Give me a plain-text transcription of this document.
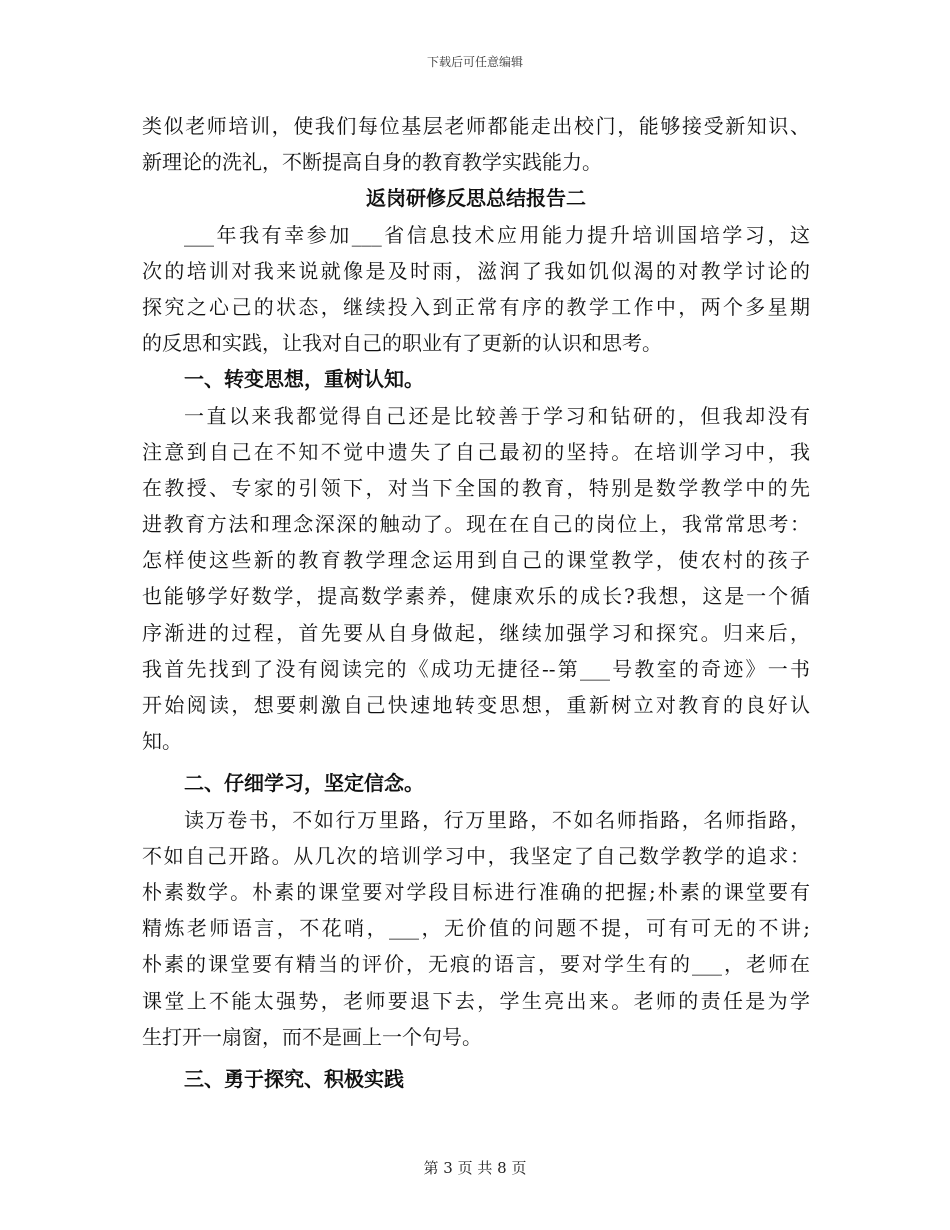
下载后可任意编辑
类似老师培训，使我们每位基层老师都能走出校门，能够接受新知识、
新理论的洗礼，不断提高自身的教育教学实践能力。
返岗研修反思总结报告二
___年我有幸参加___省信息技术应用能力提升培训国培学习，这
次的培训对我来说就像是及时雨，滋润了我如饥似渴的对教学讨论的
探究之心己的状态，继续投入到正常有序的教学工作中，两个多星期
的反思和实践，让我对自己的职业有了更新的认识和思考。
一、转变思想，重树认知。
一直以来我都觉得自己还是比较善于学习和钻研的，但我却没有
注意到自己在不知不觉中遗失了自己最初的坚持。在培训学习中，我
在教授、专家的引领下，对当下全国的教育，特别是数学教学中的先
进教育方法和理念深深的触动了。现在在自己的岗位上，我常常思考：
怎样使这些新的教育教学理念运用到自己的课堂教学，使农村的孩子
也能够学好数学，提高数学素养，健康欢乐的成长?我想，这是一个循
序渐进的过程，首先要从自身做起，继续加强学习和探究。归来后，
我首先找到了没有阅读完的《成功无捷径--第___号教室的奇迹》一书
开始阅读，想要刺激自己快速地转变思想，重新树立对教育的良好认
知。
二、仔细学习，坚定信念。
读万卷书，不如行万里路，行万里路，不如名师指路，名师指路，
不如自己开路。从几次的培训学习中，我坚定了自己数学教学的追求：
朴素数学。朴素的课堂要对学段目标进行准确的把握;朴素的课堂要有
精炼老师语言，不花哨，___，无价值的问题不提，可有可无的不讲;
朴素的课堂要有精当的评价，无痕的语言，要对学生有的___，老师在
课堂上不能太强势，老师要退下去，学生亮出来。老师的责任是为学
生打开一扇窗，而不是画上一个句号。
三、勇于探究、积极实践
第 3 页 共 8 页
